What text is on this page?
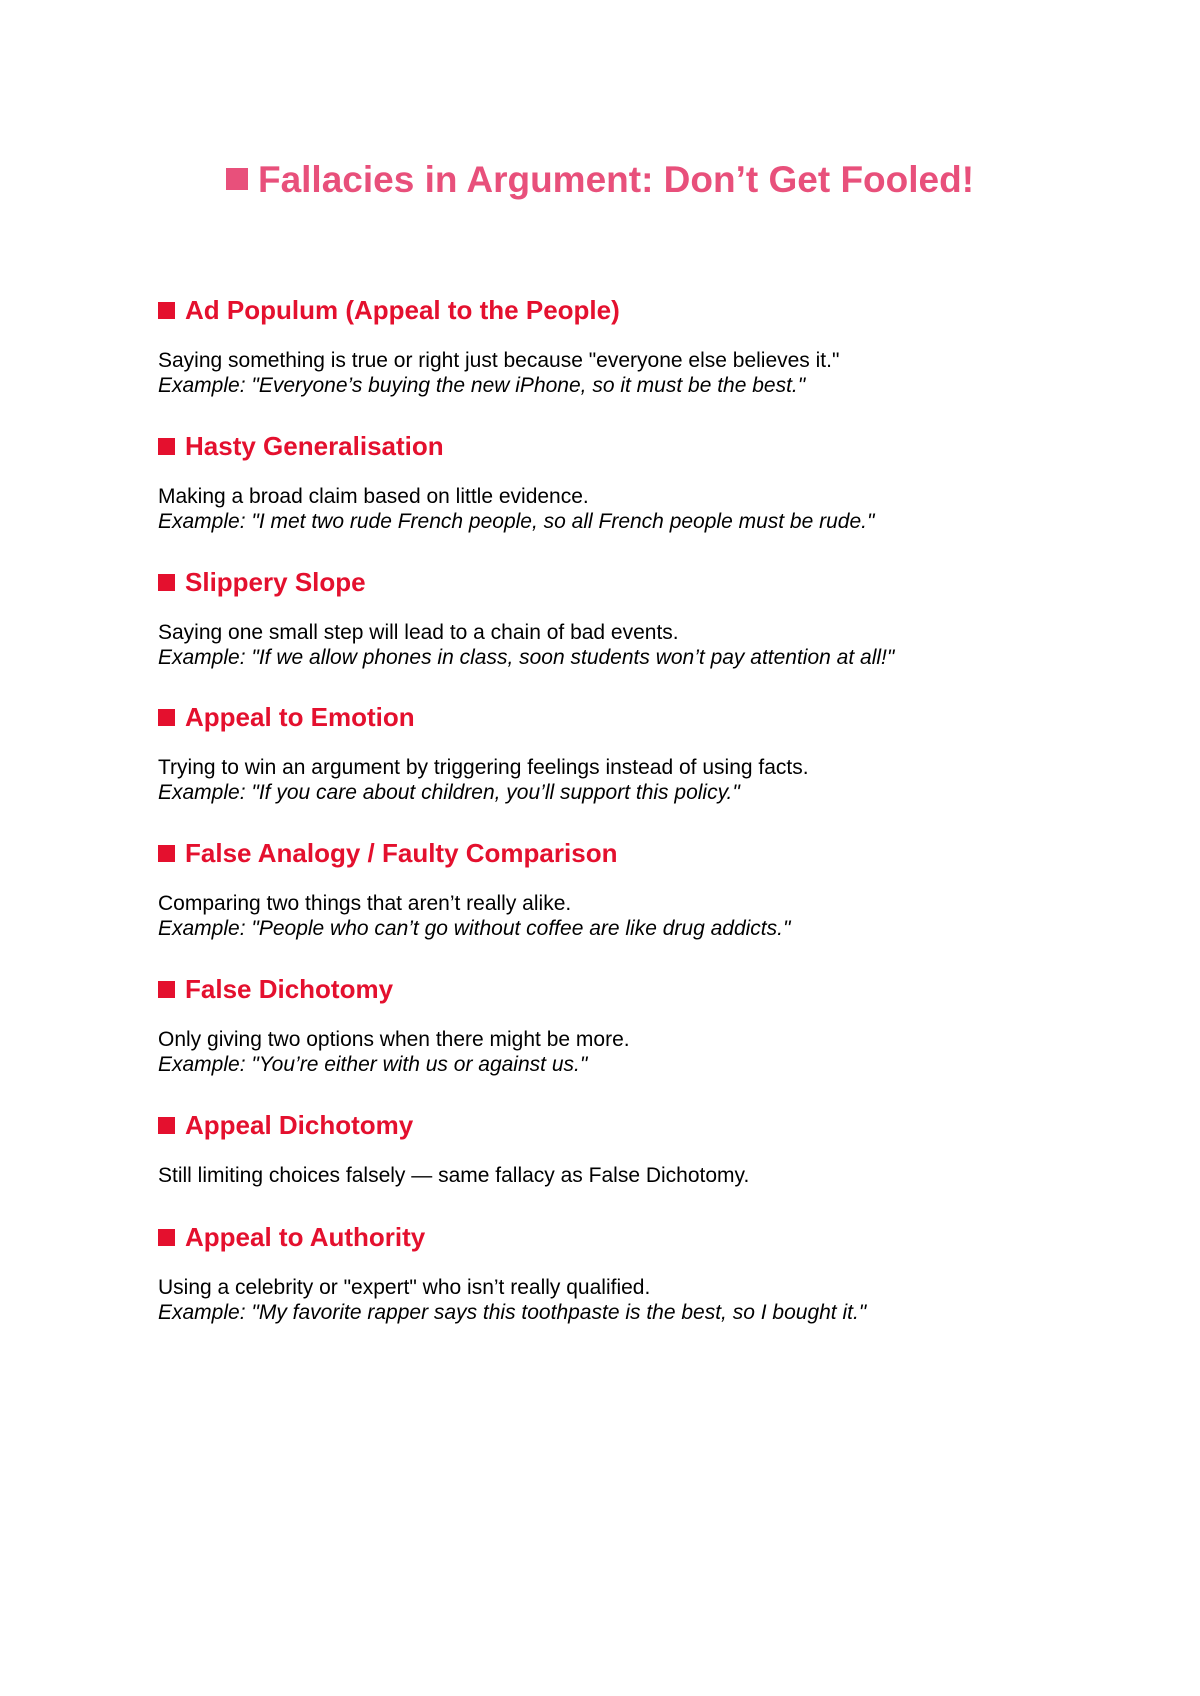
Fallacies in Argument: Don’t Get Fooled!
Ad Populum (Appeal to the People)
Saying something is true or right just because "everyone else believes it."
Example: "Everyone’s buying the new iPhone, so it must be the best."
Hasty Generalisation
Making a broad claim based on little evidence.
Example: "I met two rude French people, so all French people must be rude."
Slippery Slope
Saying one small step will lead to a chain of bad events.
Example: "If we allow phones in class, soon students won’t pay attention at all!"
Appeal to Emotion
Trying to win an argument by triggering feelings instead of using facts.
Example: "If you care about children, you’ll support this policy."
False Analogy / Faulty Comparison
Comparing two things that aren’t really alike.
Example: "People who can’t go without coffee are like drug addicts."
False Dichotomy
Only giving two options when there might be more.
Example: "You’re either with us or against us."
Appeal Dichotomy
Still limiting choices falsely — same fallacy as False Dichotomy.
Appeal to Authority
Using a celebrity or "expert" who isn’t really qualified.
Example: "My favorite rapper says this toothpaste is the best, so I bought it."
